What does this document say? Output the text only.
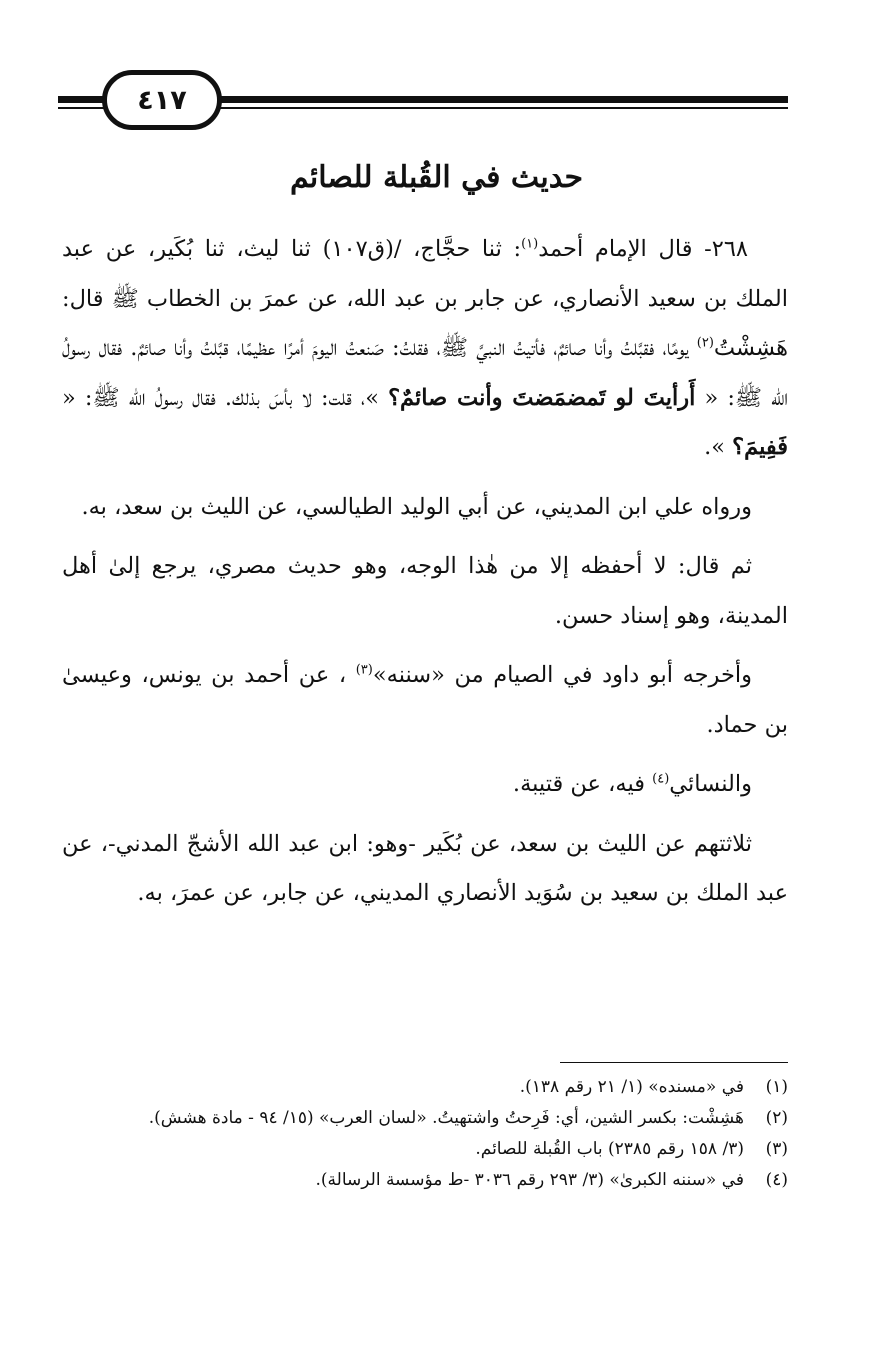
٤١٧
حديث في القُبلة للصائم

٢٦٨- قال الإمام أحمد$^{(١)}$: ثنا حجَّاج، /(ق١٠٧) ثنا ليث، ثنا بُكَير، عن عبد الملك بن سعيد الأنصاري، عن جابر بن عبد الله، عن عمرَ بن الخطاب ﷺ قال: هَشِشْتُ$^{(٢)}$ يومًا، فقبَّلتُ وأنا صائمٌ، فأتيتُ النبيَّ ﷺ، فقلتُ: صَنعتُ اليومَ أمرًا عظيمًا، قبَّلتُ وأنا صائمٌ. فقال رسولُ الله ﷺ: « أَرأيتَ لو تَمضمَضتَ وأنت صائمٌ؟ »، قلت: لا بأسَ بذلك. فقال رسولُ الله ﷺ: « فَفِيمَ؟ ».

ورواه علي ابن المديني، عن أبي الوليد الطيالسي، عن الليث بن سعد، به.

ثم قال: لا أحفظه إلا من هٰذا الوجه، وهو حديث مصري، يرجع إلىٰ أهل المدينة، وهو إسناد حسن.

وأخرجه أبو داود في الصيام من «سننه»$^{(٣)}$ ، عن أحمد بن يونس، وعيسىٰ بن حماد.

والنسائي$^{(٤)}$ فيه، عن قتيبة.

ثلاثتهم عن الليث بن سعد، عن بُكَير -وهو: ابن عبد الله الأشجّ المدني-، عن عبد الملك بن سعيد بن سُوَيد الأنصاري المديني، عن جابر، عن عمرَ، به.

(١)
في «مسنده» (١/ ٢١ رقم ١٣٨).
(٢)
هَشِشْت: بكسر الشين، أي: فَرِحتُ واشتهيتُ. «لسان العرب» (١٥/ ٩٤ - مادة هشش).
(٣)
(٣/ ١٥٨ رقم ٢٣٨٥) باب القُبلة للصائم.
(٤)
في «سننه الكبرىٰ» (٣/ ٢٩٣ رقم ٣٠٣٦ -ط مؤسسة الرسالة).
